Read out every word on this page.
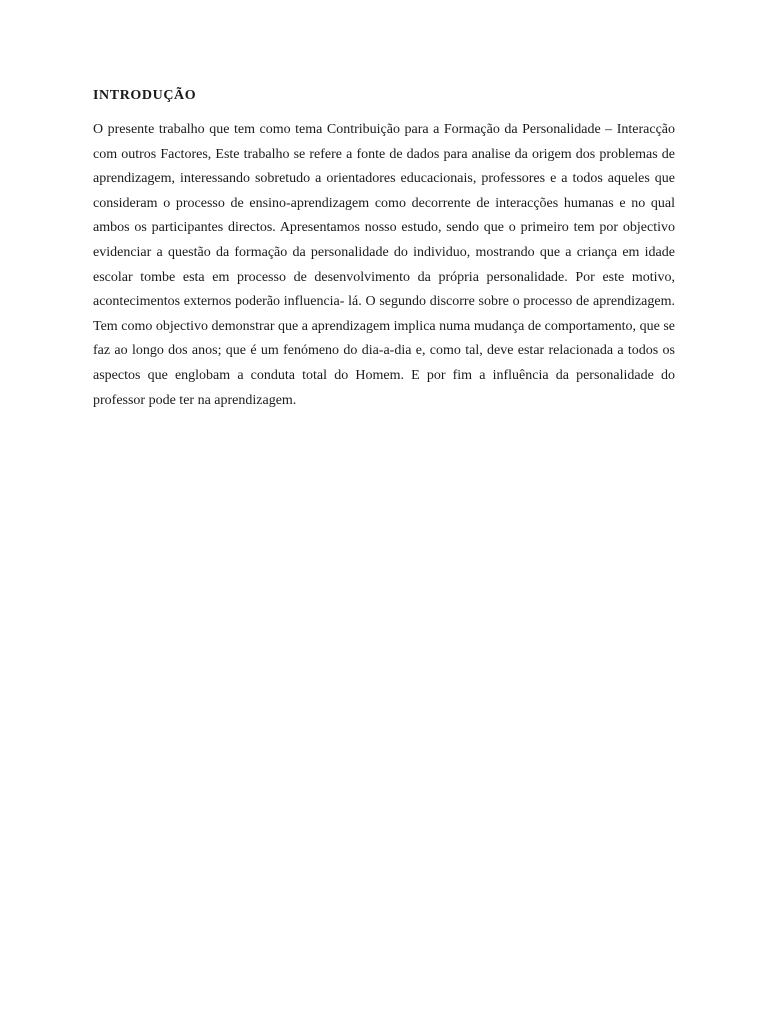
INTRODUÇÃO

O presente trabalho que tem como tema Contribuição para a Formação da Personalidade – Interacção com outros Factores, Este trabalho se refere a fonte de dados para analise da origem dos problemas de aprendizagem, interessando sobretudo a orientadores educacionais, professores e a todos aqueles que consideram o processo de ensino-aprendizagem como decorrente de interacções humanas e no qual ambos os participantes directos. Apresentamos nosso estudo, sendo que o primeiro tem por objectivo evidenciar a questão da formação da personalidade do individuo, mostrando que a criança em idade escolar tombe esta em processo de desenvolvimento da própria personalidade. Por este motivo, acontecimentos externos poderão influencia- lá. O segundo discorre sobre o processo de aprendizagem. Tem como objectivo demonstrar que a aprendizagem implica numa mudança de comportamento, que se faz ao longo dos anos; que é um fenómeno do dia-a-dia e, como tal, deve estar relacionada a todos os aspectos que englobam a conduta total do Homem. E por fim a influência da personalidade do professor pode ter na aprendizagem.
